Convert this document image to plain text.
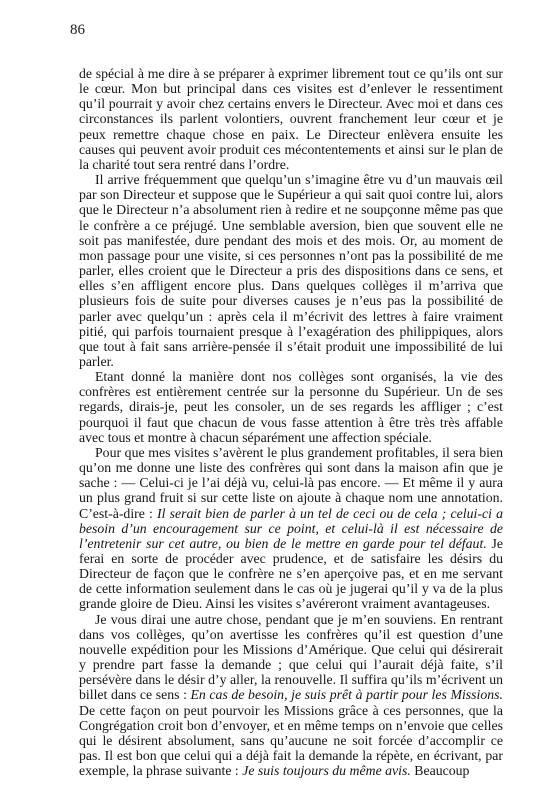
86

de spécial à me dire à se préparer à exprimer librement tout ce qu’ils ont sur le cœur. Mon but principal dans ces visites est d’enlever le ressentiment qu’il pourrait y avoir chez certains envers le Directeur. Avec moi et dans ces circonstances ils parlent volontiers, ouvrent franchement leur cœur et je peux remettre chaque chose en paix. Le Directeur enlèvera ensuite les causes qui peuvent avoir produit ces mécontentements et ainsi sur le plan de la charité tout sera rentré dans l’ordre.

Il arrive fréquemment que quelqu’un s’imagine être vu d’un mauvais œil par son Directeur et suppose que le Supérieur a qui sait quoi contre lui, alors que le Directeur n’a absolument rien à redire et ne soupçonne même pas que le confrère a ce préjugé. Une semblable aversion, bien que souvent elle ne soit pas manifestée, dure pendant des mois et des mois. Or, au moment de mon passage pour une visite, si ces personnes n’ont pas la possibilité de me parler, elles croient que le Directeur a pris des dispositions dans ce sens, et elles s’en affligent encore plus. Dans quelques collèges il m’arriva que plusieurs fois de suite pour diverses causes je n’eus pas la possibilité de parler avec quelqu’un : après cela il m’écrivit des lettres à faire vraiment pitié, qui parfois tournaient presque à l’exagération des philippiques, alors que tout à fait sans arrière-pensée il s’était produit une impossibilité de lui parler.

Etant donné la manière dont nos collèges sont organisés, la vie des confrères est entièrement centrée sur la personne du Supérieur. Un de ses regards, dirais-je, peut les consoler, un de ses regards les affliger ; c’est pourquoi il faut que chacun de vous fasse attention à être très très affable avec tous et montre à chacun séparément une affection spéciale.

Pour que mes visites s’avèrent le plus grandement profitables, il sera bien qu’on me donne une liste des confrères qui sont dans la maison afin que je sache : — Celui-ci je l’ai déjà vu, celui-là pas encore. — Et même il y aura un plus grand fruit si sur cette liste on ajoute à chaque nom une annotation. C’est-à-dire : Il serait bien de parler à un tel de ceci ou de cela ; celui-ci a besoin d’un encouragement sur ce point, et celui-là il est nécessaire de l’entretenir sur cet autre, ou bien de le mettre en garde pour tel défaut. Je ferai en sorte de procéder avec prudence, et de satisfaire les désirs du Directeur de façon que le confrère ne s’en aperçoive pas, et en me servant de cette information seulement dans le cas où je jugerai qu’il y va de la plus grande gloire de Dieu. Ainsi les visites s’avéreront vraiment avantageuses.

Je vous dirai une autre chose, pendant que je m’en souviens. En rentrant dans vos collèges, qu’on avertisse les confrères qu’il est question d’une nouvelle expédition pour les Missions d’Amérique. Que celui qui désirerait y prendre part fasse la demande ; que celui qui l’aurait déjà faite, s’il persévère dans le désir d’y aller, la renouvelle. Il suffira qu’ils m’écrivent un billet dans ce sens : En cas de besoin, je suis prêt à partir pour les Missions. De cette façon on peut pourvoir les Missions grâce à ces personnes, que la Congrégation croit bon d’envoyer, et en même temps on n’envoie que celles qui le désirent absolument, sans qu’aucune ne soit forcée d’accomplir ce pas. Il est bon que celui qui a déjà fait la demande la répète, en écrivant, par exemple, la phrase suivante : Je suis toujours du même avis. Beaucoup
